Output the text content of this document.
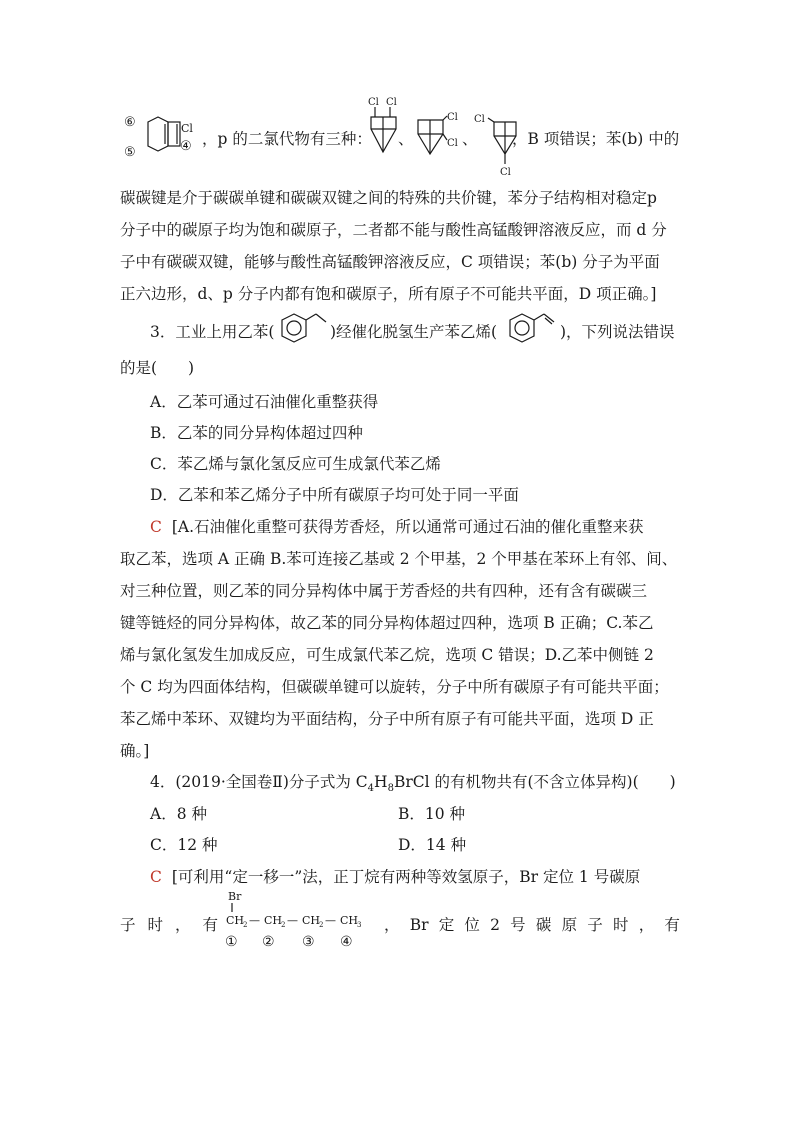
⑥
⑤
Cl
④ ，p 的二氯代物有三种：
Cl Cl
、
Cl
Cl 、
Cl
Cl
，B 项错误；苯(b) 中的
碳碳键是介于碳碳单键和碳碳双键之间的特殊的共价键，苯分子结构相对稳定p
分子中的碳原子均为饱和碳原子，二者都不能与酸性高锰酸钾溶液反应，而 d 分
子中有碳碳双键，能够与酸性高锰酸钾溶液反应，C 项错误；苯(b) 分子为平面
正六边形，d、p 分子内都有饱和碳原子，所有原子不可能共平面，D 项正确。]
3．工业上用乙苯(	)经催化脱氢生产苯乙烯(	)，下列说法错误
的是(　　)
A．乙苯可通过石油催化重整获得
B．乙苯的同分异构体超过四种
C．苯乙烯与氯化氢反应可生成氯代苯乙烯
D．乙苯和苯乙烯分子中所有碳原子均可处于同一平面
C [A.石油催化重整可获得芳香烃，所以通常可通过石油的催化重整来获
取乙苯，选项 A 正确 B.苯可连接乙基或 2 个甲基，2 个甲基在苯环上有邻、间、
对三种位置，则乙苯的同分异构体中属于芳香烃的共有四种，还有含有碳碳三
键等链烃的同分异构体，故乙苯的同分异构体超过四种，选项 B 正确；C.苯乙
烯与氯化氢发生加成反应，可生成氯代苯乙烷，选项 C 错误；D.乙苯中侧链 2
个 C 均为四面体结构，但碳碳单键可以旋转，分子中所有碳原子有可能共平面；
苯乙烯中苯环、双键均为平面结构，分子中所有原子有可能共平面，选项 D 正
确。]
4．(2019·全国卷Ⅱ)分子式为 $C_4H_8BrCl$ 的有机物共有(不含立体异构)(　　)
A．8 种	B．10 种
C．12 种	D．14 种
C [可利用“定一移一”法，正丁烷有两种等效氢原子，Br 定位 1 号碳原
子 时 ， 有
Br
CH
2 — CH
2 — CH
2 — CH
3
① ② ③ ④
， Br 定 位 2 号 碳 原 子 时 ， 有
